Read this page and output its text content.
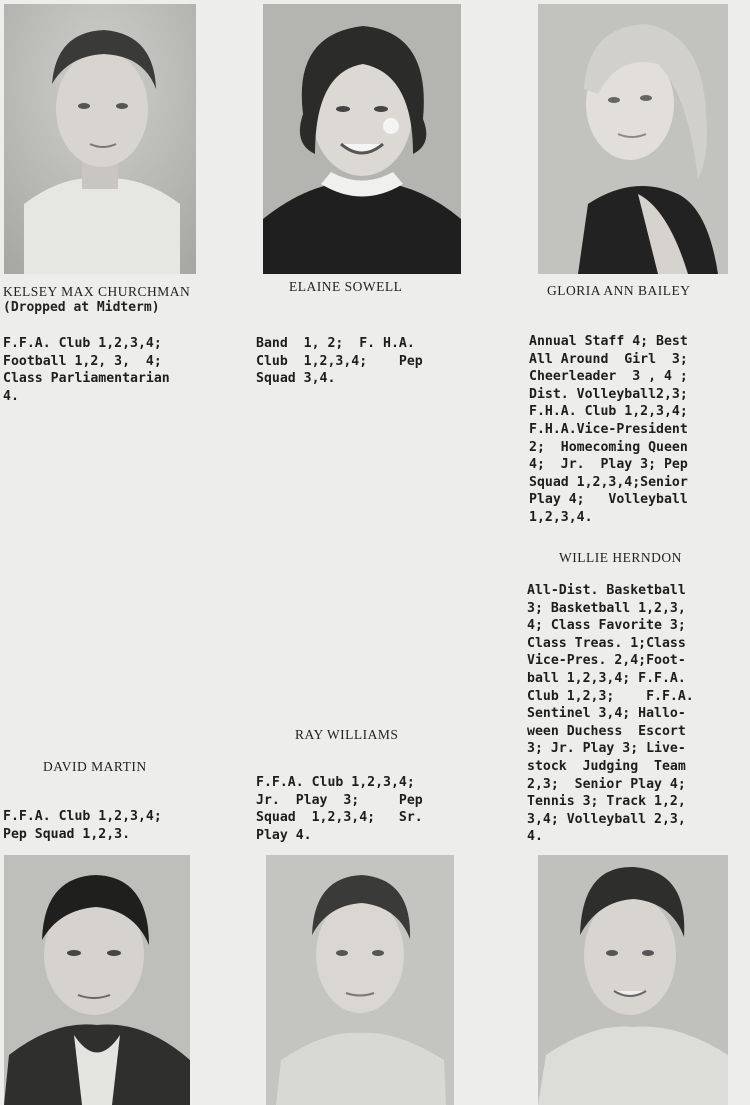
KELSEY MAX CHURCHMAN
(Dropped at Midterm)
ELAINE SOWELL	GLORIA ANN BAILEY
F.F.A. Club 1,2,3,4;
Football 1,2, 3,  4;
Class Parliamentarian
4.
Band  1, 2;  F. H.A.
Club  1,2,3,4;    Pep
Squad 3,4.
Annual Staff 4; Best
All Around  Girl  3;
Cheerleader  3 , 4 ;
Dist. Volleyball2,3;
F.H.A. Club 1,2,3,4;
F.H.A.Vice-President
2;  Homecoming Queen
4;  Jr.  Play 3; Pep
Squad 1,2,3,4;Senior
Play 4;   Volleyball
1,2,3,4.
WILLIE HERNDON
All-Dist. Basketball
3; Basketball 1,2,3,
4; Class Favorite 3;
Class Treas. 1;Class
Vice-Pres. 2,4;Foot-
ball 1,2,3,4; F.F.A.
Club 1,2,3;    F.F.A.
Sentinel 3,4; Hallo-
ween Duchess  Escort
3; Jr. Play 3; Live-
stock  Judging  Team
2,3;  Senior Play 4;
Tennis 3; Track 1,2,
3,4; Volleyball 2,3,
4.
RAY WILLIAMS
F.F.A. Club 1,2,3,4;
Jr.  Play  3;     Pep
Squad  1,2,3,4;   Sr.
Play 4.
DAVID MARTIN
F.F.A. Club 1,2,3,4;
Pep Squad 1,2,3.
